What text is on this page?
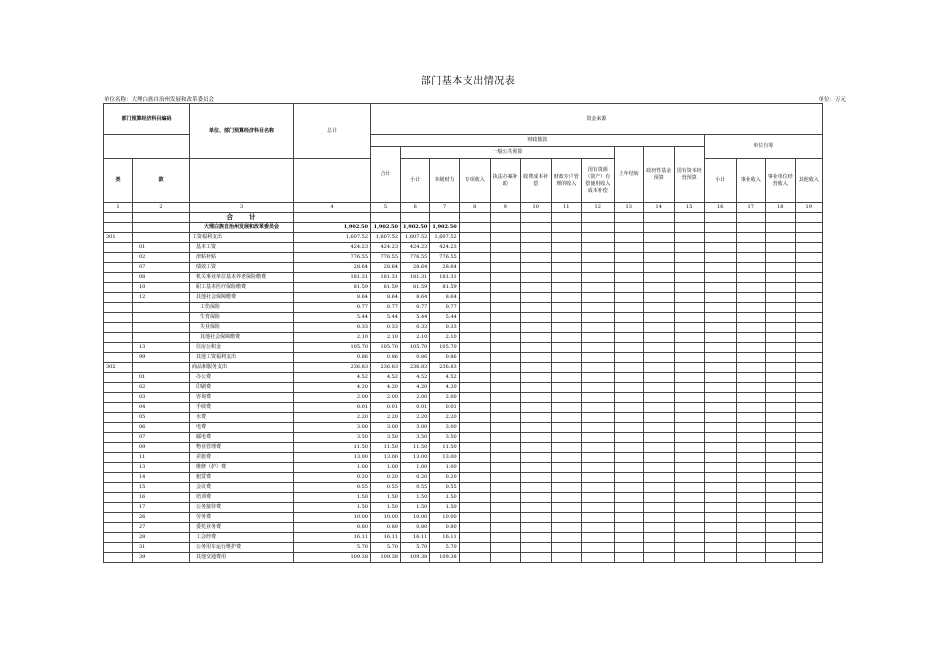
部门基本支出情况表
单位名称：大理白族自治州发展和改革委员会	单位：万元
部门预算经济科目编码		单位、部门预算经济科目名称	总计	资金来源														
				财政拨款											单位自筹			
				合计	一般公共预算							上年结转	政府性基金预算	国有资本经营预算				
类	款				小计	本级财力	专项收入	执法办案补助	收费成本补偿	财政专户管理的收入	国有资源（资产）有偿使用收入成本补偿				小计	事业收入	事业单位经营收入	其他收入
1	2	3	4	5	6	7	8	9	10	11	12	13	14	15	16	17	18	19
		合　　计																
		大理白族自治州发展和改革委员会	1,902.50	1,902.50	1,902.50	1,902.50												
301		工资福利支出	1,607.52	1,607.52	1,607.52	1,607.52												
	01	基本工资	424.23	424.23	424.23	424.23												
	02	津贴补贴	776.55	776.55	776.55	776.55												
	07	绩效工资	28.64	28.64	28.64	28.64												
	08	机关事业单位基本养老保险缴费	181.31	181.31	181.31	181.31												
	10	职工基本医疗保险缴费	81.59	81.59	81.59	81.59												
	12	其他社会保障缴费	8.64	8.64	8.64	8.64												
		工伤保险	0.77	0.77	0.77	0.77												
		生育保险	5.44	5.44	5.44	5.44												
		失业保险	0.33	0.33	0.33	0.33												
		其他社会保障缴费	2.10	2.10	2.10	2.10												
	13	住房公积金	105.70	105.70	105.70	105.70												
	99	其他工资福利支出	0.86	0.86	0.86	0.86												
302		商品和服务支出	236.83	236.83	236.83	236.83												
	01	办公费	4.52	4.52	4.52	4.52												
	02	印刷费	4.20	4.20	4.20	4.20												
	03	咨询费	2.00	2.00	2.00	2.00												
	04	手续费	0.01	0.01	0.01	0.01												
	05	水费	2.20	2.20	2.20	2.20												
	06	电费	3.00	3.00	3.00	3.00												
	07	邮电费	3.50	3.50	3.50	3.50												
	09	物业管理费	11.50	11.50	11.50	11.50												
	11	差旅费	13.00	13.00	13.00	13.00												
	13	维修（护）费	1.00	1.00	1.00	1.00												
	14	租赁费	0.20	0.20	0.20	0.20												
	15	会议费	0.55	0.55	0.55	0.55												
	16	培训费	1.50	1.50	1.50	1.50												
	17	公务接待费	1.50	1.50	1.50	1.50												
	26	劳务费	10.00	10.00	10.00	10.00												
	27	委托业务费	0.80	0.80	0.80	0.80												
	28	工会经费	16.11	16.11	16.11	16.11												
	31	公务用车运行维护费	5.70	5.70	5.70	5.70												
	39	其他交通费用	109.38	109.38	109.38	109.38												
